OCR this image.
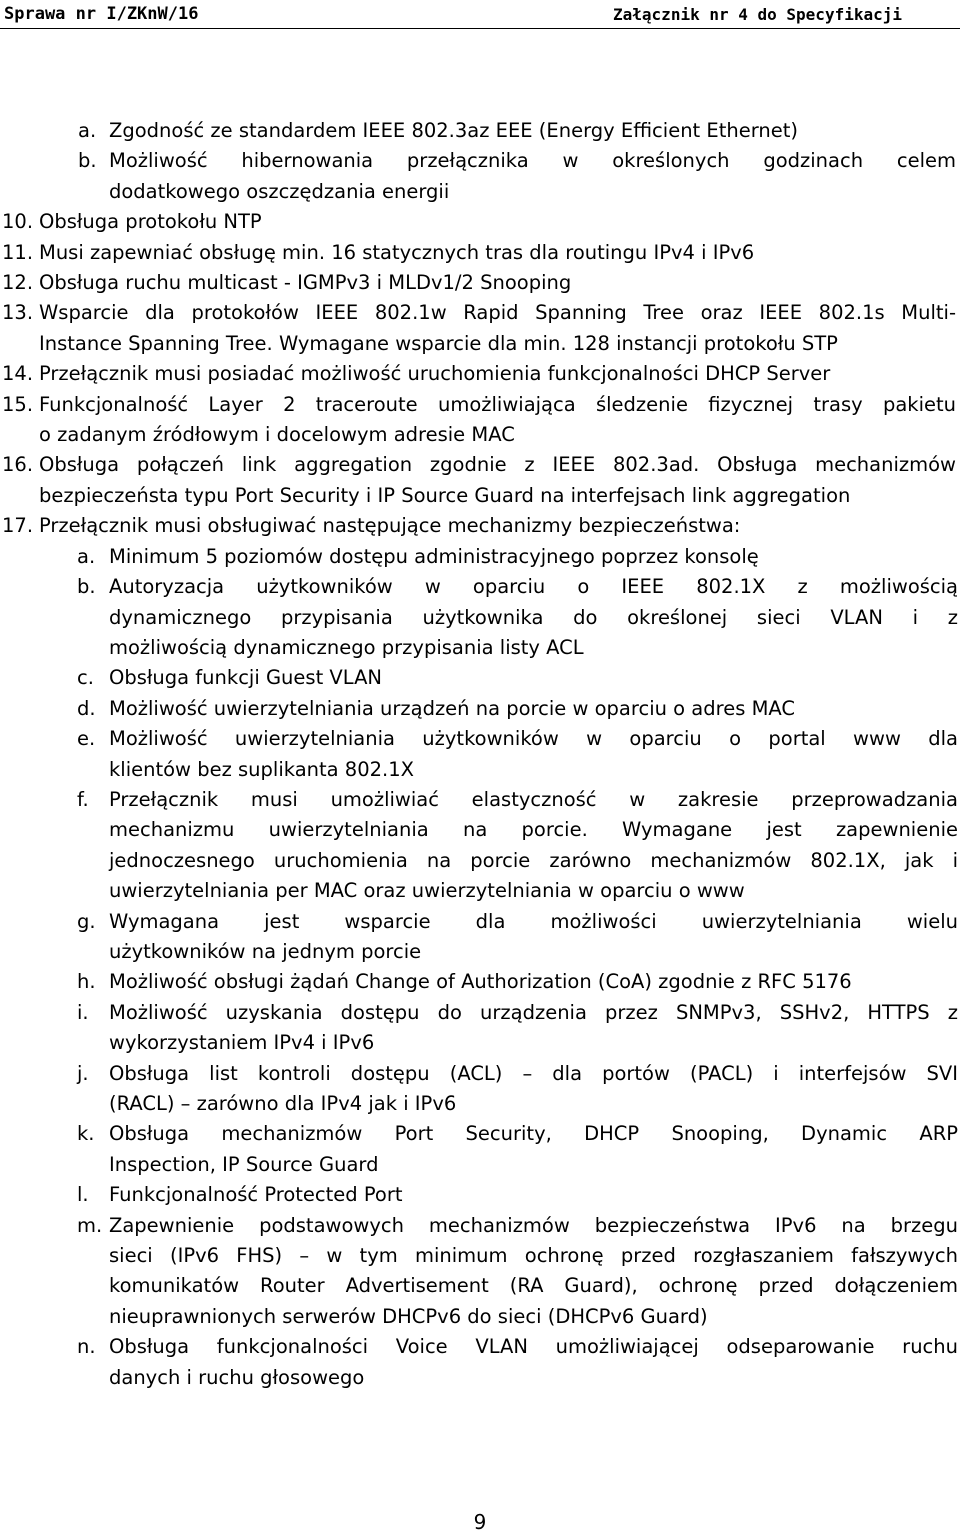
Sprawa nr I/ZKnW/16	Załącznik nr 4 do Specyfikacji
a. Zgodność ze standardem IEEE 802.3az EEE (Energy Efficient Ethernet)
b. Możliwość hibernowania przełącznika w określonych godzinach celem
dodatkowego oszczędzania energii
10. Obsługa protokołu NTP
11. Musi zapewniać obsługę min. 16 statycznych tras dla routingu IPv4 i IPv6
12. Obsługa ruchu multicast - IGMPv3 i MLDv1/2 Snooping
13. Wsparcie dla protokołów IEEE 802.1w Rapid Spanning Tree oraz IEEE 802.1s Multi-
Instance Spanning Tree. Wymagane wsparcie dla min. 128 instancji protokołu STP
14. Przełącznik musi posiadać możliwość uruchomienia funkcjonalności DHCP Server
15. Funkcjonalność Layer 2 traceroute umożliwiająca śledzenie fizycznej trasy pakietu
o zadanym źródłowym i docelowym adresie MAC
16. Obsługa połączeń link aggregation zgodnie z IEEE 802.3ad. Obsługa mechanizmów
bezpieczeństa typu Port Security i IP Source Guard na interfejsach link aggregation
17. Przełącznik musi obsługiwać następujące mechanizmy bezpieczeństwa:
a. Minimum 5 poziomów dostępu administracyjnego poprzez konsolę
b. Autoryzacja użytkowników w oparciu o IEEE 802.1X z możliwością
dynamicznego przypisania użytkownika do określonej sieci VLAN i z
możliwością dynamicznego przypisania listy ACL
c. Obsługa funkcji Guest VLAN
d. Możliwość uwierzytelniania urządzeń na porcie w oparciu o adres MAC
e. Możliwość uwierzytelniania użytkowników w oparciu o portal www dla
klientów bez suplikanta 802.1X
f. Przełącznik musi umożliwiać elastyczność w zakresie przeprowadzania
mechanizmu uwierzytelniania na porcie. Wymagane jest zapewnienie
jednoczesnego uruchomienia na porcie zarówno mechanizmów 802.1X, jak i
uwierzytelniania per MAC oraz uwierzytelniania w oparciu o www
g. Wymagana jest wsparcie dla możliwości uwierzytelniania wielu
użytkowników na jednym porcie
h. Możliwość obsługi żądań Change of Authorization (CoA) zgodnie z RFC 5176
i. Możliwość uzyskania dostępu do urządzenia przez SNMPv3, SSHv2, HTTPS z
wykorzystaniem IPv4 i IPv6
j. Obsługa list kontroli dostępu (ACL) – dla portów (PACL) i interfejsów SVI
(RACL) – zarówno dla IPv4 jak i IPv6
k. Obsługa mechanizmów Port Security, DHCP Snooping, Dynamic ARP
Inspection, IP Source Guard
l. Funkcjonalność Protected Port
m. Zapewnienie podstawowych mechanizmów bezpieczeństwa IPv6 na brzegu
sieci (IPv6 FHS) – w tym minimum ochronę przed rozgłaszaniem fałszywych
komunikatów Router Advertisement (RA Guard), ochronę przed dołączeniem
nieuprawnionych serwerów DHCPv6 do sieci (DHCPv6 Guard)
n. Obsługa funkcjonalności Voice VLAN umożliwiającej odseparowanie ruchu
danych i ruchu głosowego
9
